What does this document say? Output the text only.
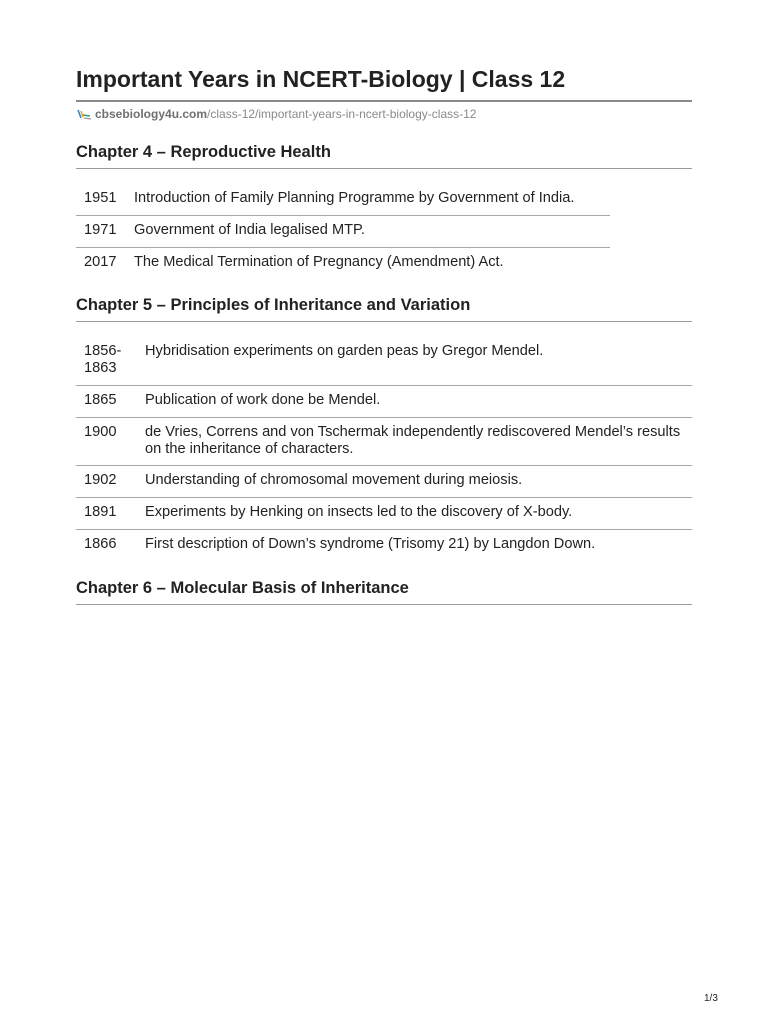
Important Years in NCERT-Biology | Class 12
cbsebiology4u.com /class-12/important-years-in-ncert-biology-class-12
Chapter 4 – Reproductive Health
1951 Introduction of Family Planning Programme by Government of India.
1971 Government of India legalised MTP.
2017 The Medical Termination of Pregnancy (Amendment) Act.
Chapter 5 – Principles of Inheritance and Variation
1856-
1863
Hybridisation experiments on garden peas by Gregor Mendel.
1865 Publication of work done be Mendel.
1900 de Vries, Correns and von Tschermak independently rediscovered Mendel’s results on the inheritance of characters.
1902 Understanding of chromosomal movement during meiosis.
1891 Experiments by Henking on insects led to the discovery of X-body.
1866 First description of Down’s syndrome (Trisomy 21) by Langdon Down.
Chapter 6 – Molecular Basis of Inheritance
1/3
